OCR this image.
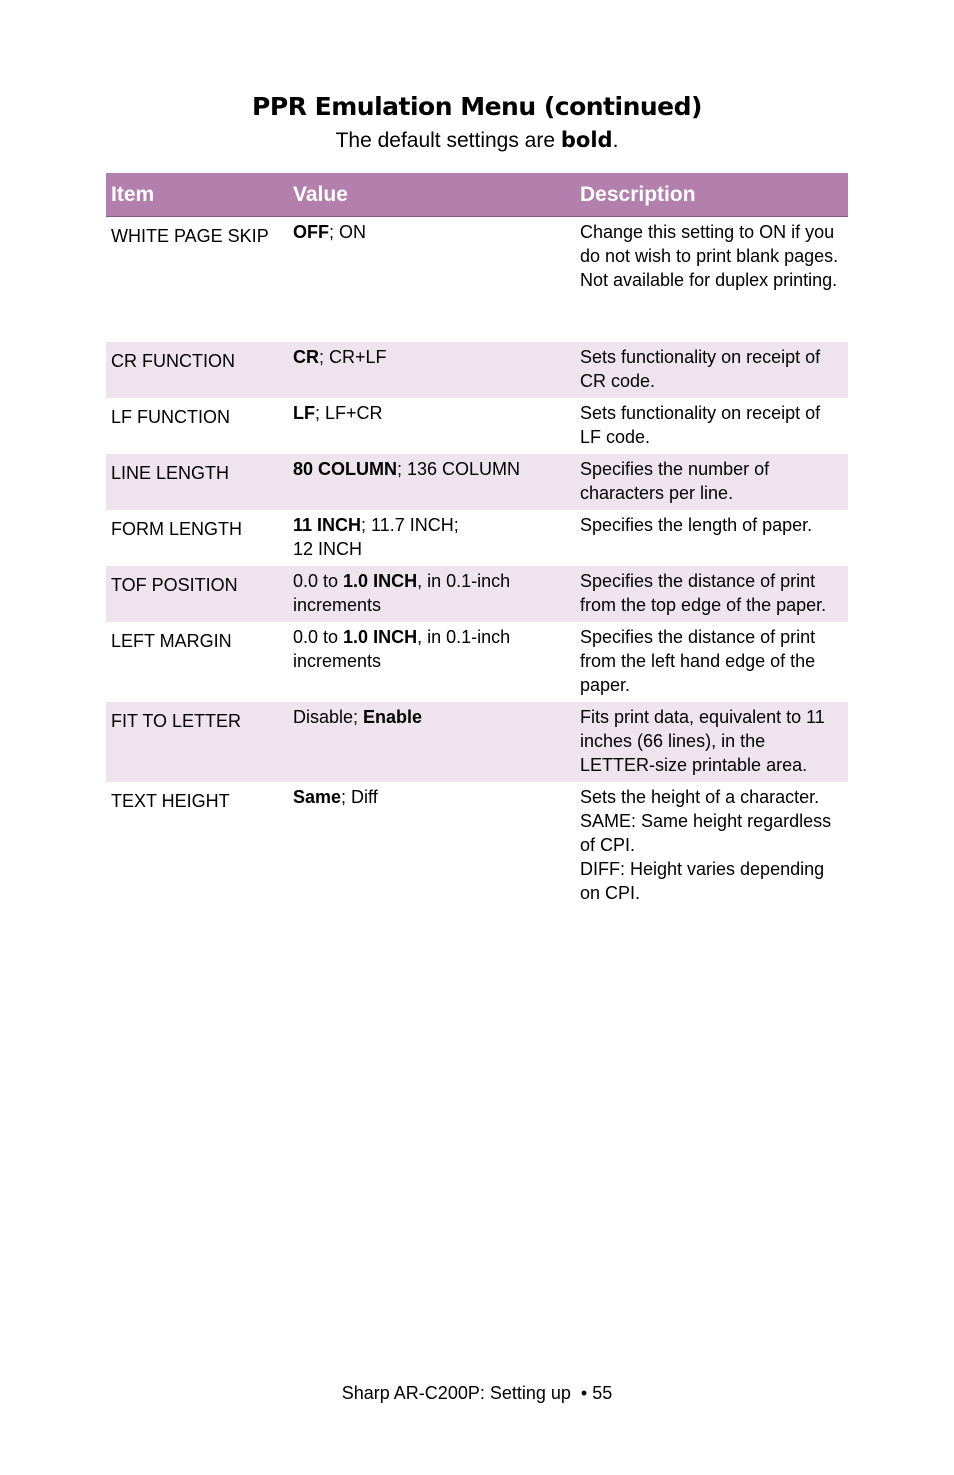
PPR Emulation Menu (continued)
The default settings are bold.
Item	Value	Description
WHITE PAGE SKIP	OFF; ON	Change this setting to ON if you do not wish to print blank pages.
Not available for duplex printing.
CR FUNCTION	CR; CR+LF	Sets functionality on receipt of CR code.
LF FUNCTION	LF; LF+CR	Sets functionality on receipt of LF code.
LINE LENGTH	80 COLUMN; 136 COLUMN	Specifies the number of characters per line.
FORM LENGTH	11 INCH; 11.7 INCH;
12 INCH	Specifies the length of paper.
TOF POSITION	0.0 to 1.0 INCH, in 0.1-inch increments	Specifies the distance of print from the top edge of the paper.
LEFT MARGIN	0.0 to 1.0 INCH, in 0.1-inch increments	Specifies the distance of print from the left hand edge of the paper.
FIT TO LETTER	Disable; Enable	Fits print data, equivalent to 11 inches (66 lines), in the LETTER-size printable area.
TEXT HEIGHT	Same; Diff	Sets the height of a character.
SAME: Same height regardless of CPI.
DIFF: Height varies depending on CPI.
Sharp AR-C200P: Setting up  • 55
